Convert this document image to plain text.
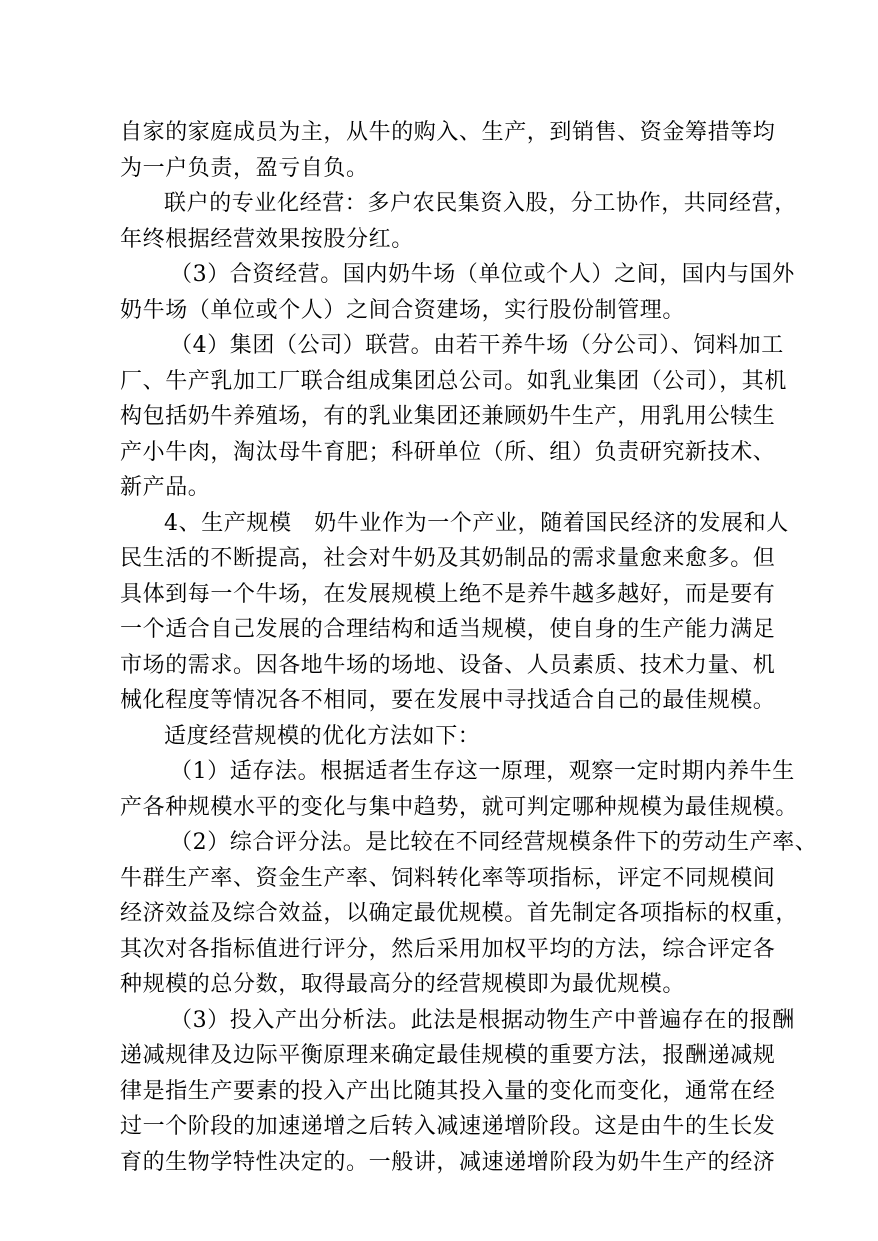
自家的家庭成员为主，从牛的购入、生产，到销售、资金筹措等均
为一户负责，盈亏自负。
联户的专业化经营：多户农民集资入股，分工协作，共同经营，
年终根据经营效果按股分红。
（3）合资经营。国内奶牛场（单位或个人）之间，国内与国外
奶牛场（单位或个人）之间合资建场，实行股份制管理。
（4）集团（公司）联营。由若干养牛场（分公司）、饲料加工
厂、牛产乳加工厂联合组成集团总公司。如乳业集团（公司），其机
构包括奶牛养殖场，有的乳业集团还兼顾奶牛生产，用乳用公犊生
产小牛肉，淘汰母牛育肥；科研单位（所、组）负责研究新技术、
新产品。
4、生产规模　奶牛业作为一个产业，随着国民经济的发展和人
民生活的不断提高，社会对牛奶及其奶制品的需求量愈来愈多。但
具体到每一个牛场，在发展规模上绝不是养牛越多越好，而是要有
一个适合自己发展的合理结构和适当规模，使自身的生产能力满足
市场的需求。因各地牛场的场地、设备、人员素质、技术力量、机
械化程度等情况各不相同，要在发展中寻找适合自己的最佳规模。
适度经营规模的优化方法如下：
（1）适存法。根据适者生存这一原理，观察一定时期内养牛生
产各种规模水平的变化与集中趋势，就可判定哪种规模为最佳规模。
（2）综合评分法。是比较在不同经营规模条件下的劳动生产率、
牛群生产率、资金生产率、饲料转化率等项指标，评定不同规模间
经济效益及综合效益，以确定最优规模。首先制定各项指标的权重，
其次对各指标值进行评分，然后采用加权平均的方法，综合评定各
种规模的总分数，取得最高分的经营规模即为最优规模。
（3）投入产出分析法。此法是根据动物生产中普遍存在的报酬
递减规律及边际平衡原理来确定最佳规模的重要方法，报酬递减规
律是指生产要素的投入产出比随其投入量的变化而变化，通常在经
过一个阶段的加速递增之后转入减速递增阶段。这是由牛的生长发
育的生物学特性决定的。一般讲，减速递增阶段为奶牛生产的经济
